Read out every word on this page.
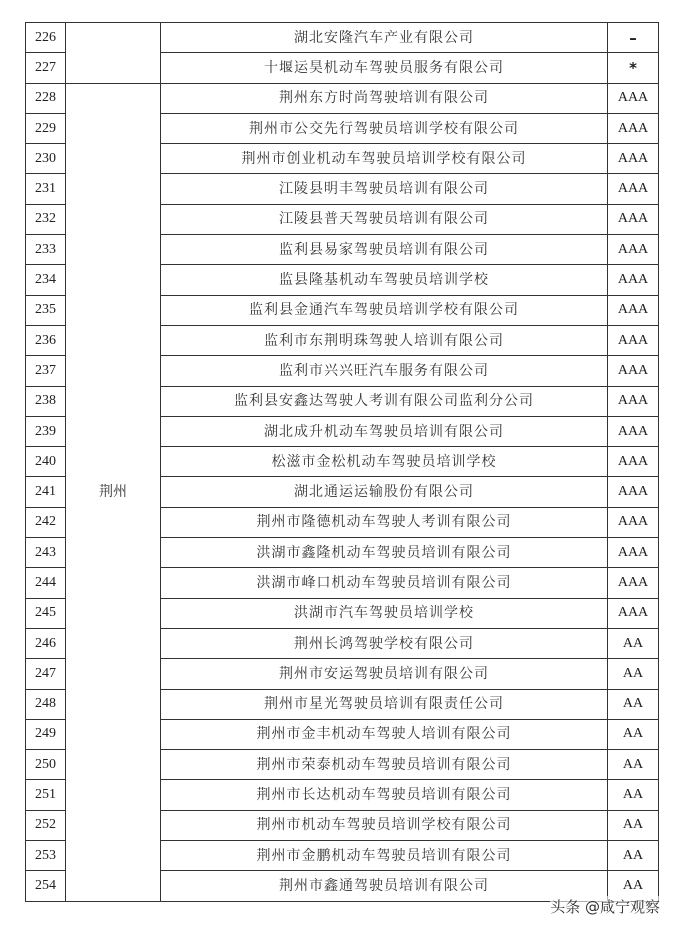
226		湖北安隆汽车产业有限公司	–
227		十堰运昊机动车驾驶员服务有限公司	*
228	荆州	荆州东方时尚驾驶培训有限公司	AAA
229		荆州市公交先行驾驶员培训学校有限公司	AAA
230		荆州市创业机动车驾驶员培训学校有限公司	AAA
231		江陵县明丰驾驶员培训有限公司	AAA
232		江陵县普天驾驶员培训有限公司	AAA
233		监利县易家驾驶员培训有限公司	AAA
234		监县隆基机动车驾驶员培训学校	AAA
235		监利县金通汽车驾驶员培训学校有限公司	AAA
236		监利市东荆明珠驾驶人培训有限公司	AAA
237		监利市兴兴旺汽车服务有限公司	AAA
238		监利县安鑫达驾驶人考训有限公司监利分公司	AAA
239		湖北成升机动车驾驶员培训有限公司	AAA
240		松滋市金松机动车驾驶员培训学校	AAA
241		湖北通运运输股份有限公司	AAA
242		荆州市隆德机动车驾驶人考训有限公司	AAA
243		洪湖市鑫隆机动车驾驶员培训有限公司	AAA
244		洪湖市峰口机动车驾驶员培训有限公司	AAA
245		洪湖市汽车驾驶员培训学校	AAA
246		荆州长鸿驾驶学校有限公司	AA
247		荆州市安运驾驶员培训有限公司	AA
248		荆州市星光驾驶员培训有限责任公司	AA
249		荆州市金丰机动车驾驶人培训有限公司	AA
250		荆州市荣泰机动车驾驶员培训有限公司	AA
251		荆州市长达机动车驾驶员培训有限公司	AA
252		荆州市机动车驾驶员培训学校有限公司	AA
253		荆州市金鹏机动车驾驶员培训有限公司	AA
254		荆州市鑫通驾驶员培训有限公司	AA
头条 @咸宁观察
